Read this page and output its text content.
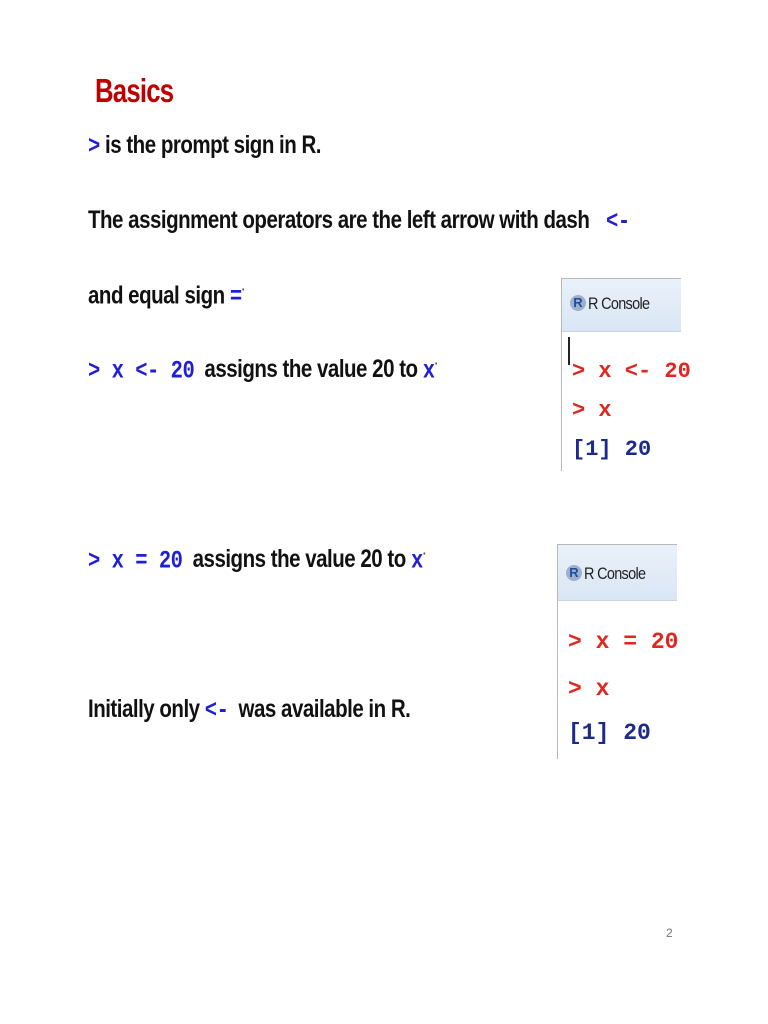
Basics
> is the prompt sign in R.
The assignment operators are the left arrow with dash <-
and equal sign =·
> x <- 20 assigns the value 20 to x·
> x = 20 assigns the value 20 to x·
Initially only <- was available in R.
R R Console
> x <- 20
> x
[1] 20
R R Console
> x = 20
> x
[1] 20
2
